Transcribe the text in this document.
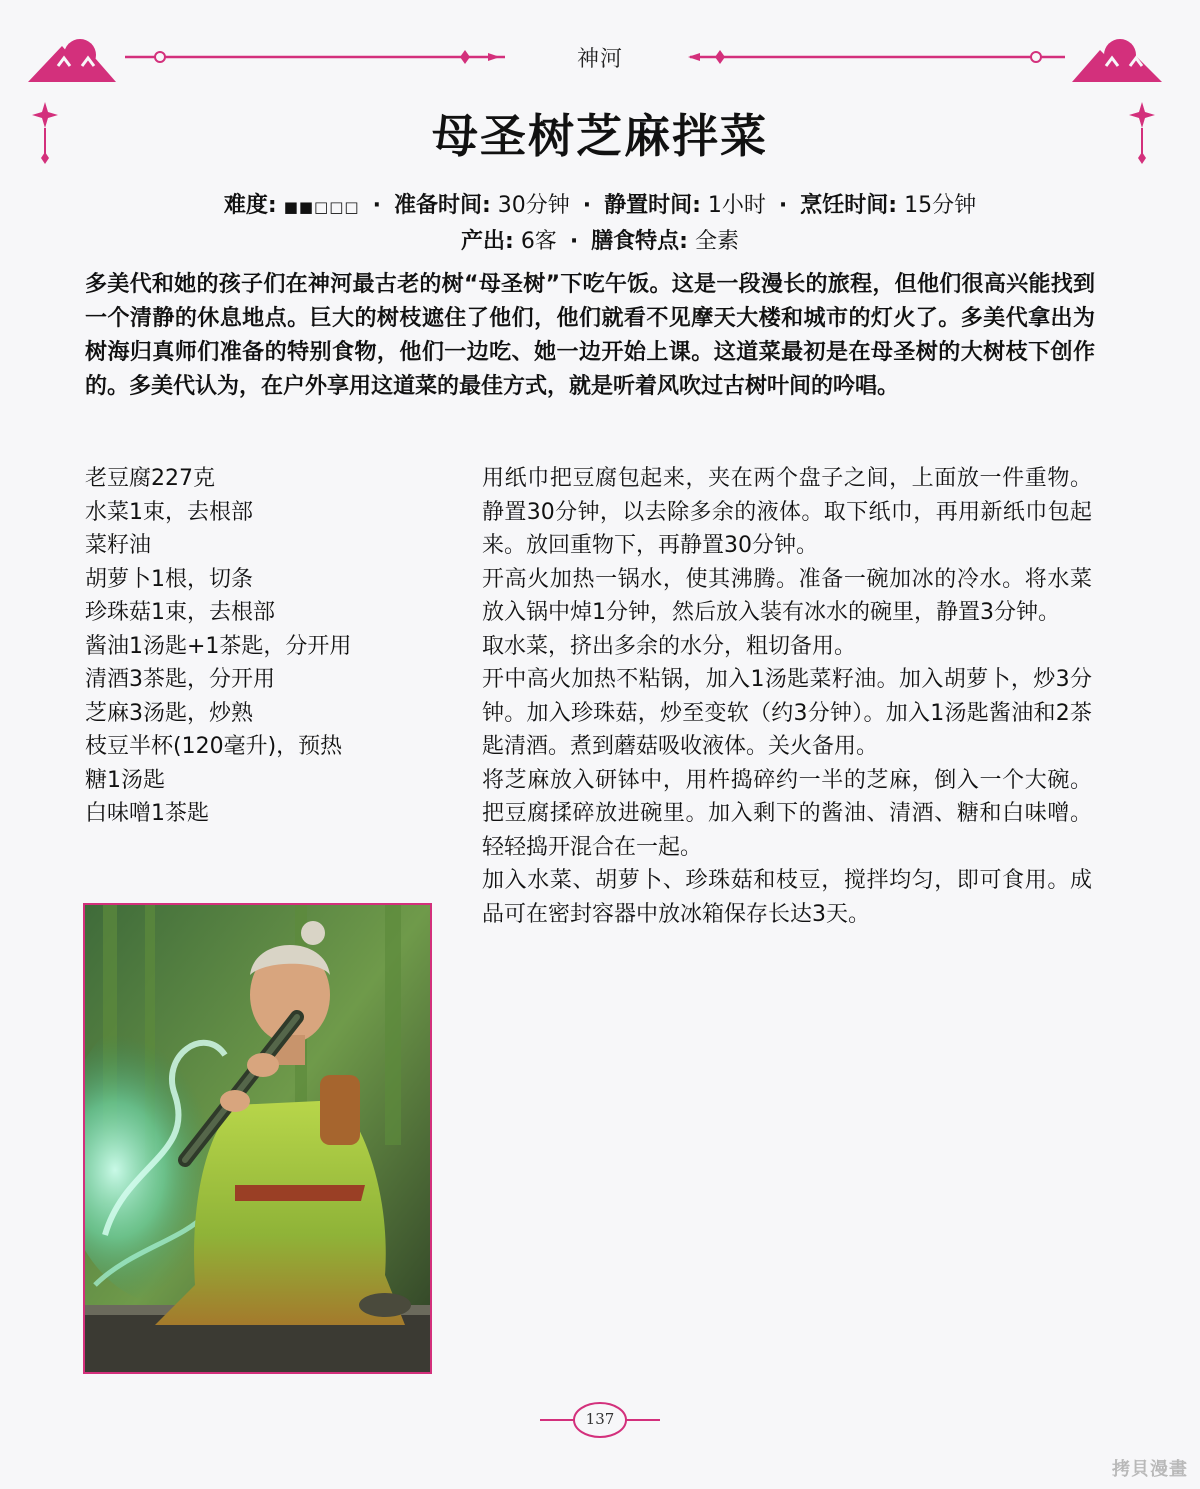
神河
母圣树芝麻拌菜
难度: ■■□□□ · 准备时间: 30分钟 · 静置时间: 1小时 · 烹饪时间: 15分钟
产出: 6客 · 膳食特点: 全素
多美代和她的孩子们在神河最古老的树“母圣树”下吃午饭。这是一段漫长的旅程，但他们很高兴能找到一个清静的休息地点。巨大的树枝遮住了他们，他们就看不见摩天大楼和城市的灯火了。多美代拿出为树海归真师们准备的特别食物，他们一边吃、她一边开始上课。这道菜最初是在母圣树的大树枝下创作的。多美代认为，在户外享用这道菜的最佳方式，就是听着风吹过古树叶间的吟唱。
老豆腐227克
水菜1束，去根部
菜籽油
胡萝卜1根，切条
珍珠菇1束，去根部
酱油1汤匙+1茶匙，分开用
清酒3茶匙，分开用
芝麻3汤匙，炒熟
枝豆半杯(120毫升)，预热
糖1汤匙
白味噌1茶匙

用纸巾把豆腐包起来，夹在两个盘子之间，上面放一件重物。静置30分钟，以去除多余的液体。取下纸巾，再用新纸巾包起来。放回重物下，再静置30分钟。

开高火加热一锅水，使其沸腾。准备一碗加冰的冷水。将水菜放入锅中焯1分钟，然后放入装有冰水的碗里，静置3分钟。

取水菜，挤出多余的水分，粗切备用。

开中高火加热不粘锅，加入1汤匙菜籽油。加入胡萝卜，炒3分钟。加入珍珠菇，炒至变软（约3分钟）。加入1汤匙酱油和2茶匙清酒。煮到蘑菇吸收液体。关火备用。

将芝麻放入研钵中，用杵捣碎约一半的芝麻，倒入一个大碗。把豆腐揉碎放进碗里。加入剩下的酱油、清酒、糖和白味噌。轻轻捣开混合在一起。

加入水菜、胡萝卜、珍珠菇和枝豆，搅拌均匀，即可食用。成品可在密封容器中放冰箱保存长达3天。

137
拷貝漫畫
